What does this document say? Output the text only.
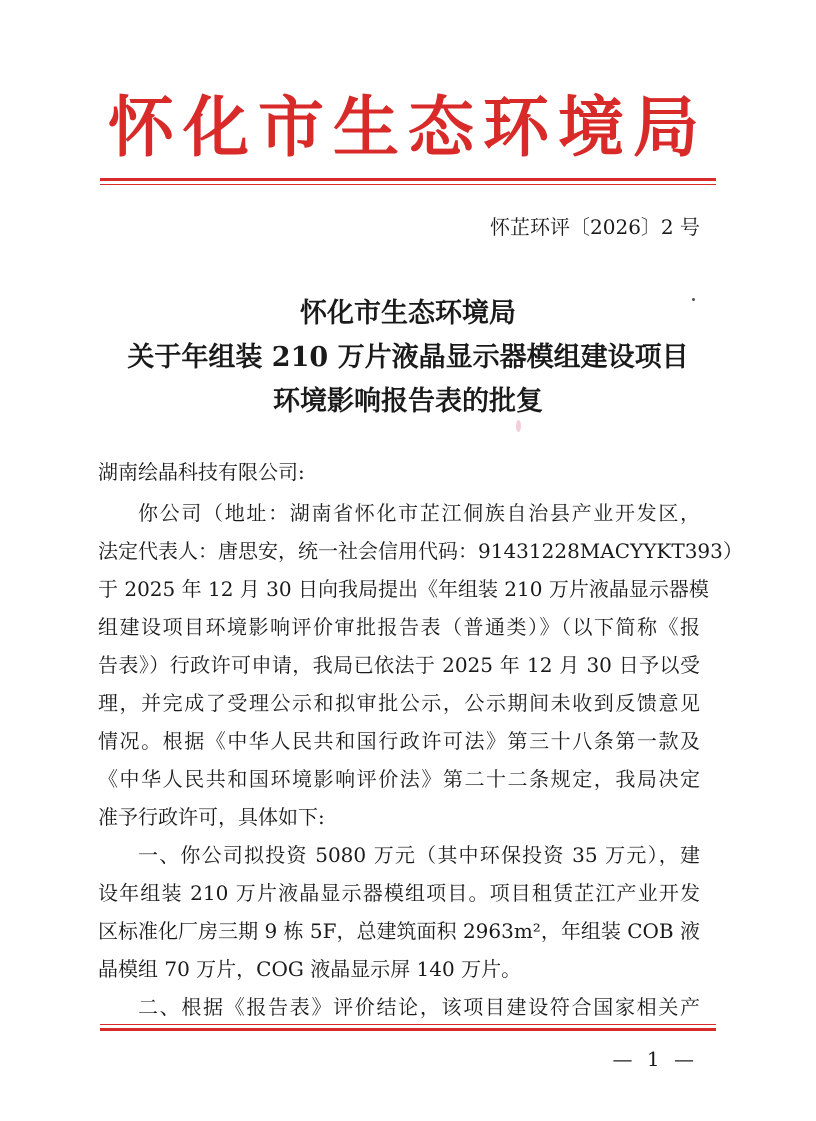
怀化市生态环境局
怀芷环评〔2026〕2 号
怀化市生态环境局
关于年组装 210 万片液晶显示器模组建设项目
环境影响报告表的批复
湖南绘晶科技有限公司:
你公司（地址：湖南省怀化市芷江侗族自治县产业开发区，
法定代表人：唐思安，统一社会信用代码：91431228MACYYKT393）
于 2025 年 12 月 30 日向我局提出《年组装 210 万片液晶显示器模
组建设项目环境影响评价审批报告表（普通类）》（以下简称《报
告表》）行政许可申请，我局已依法于 2025 年 12 月 30 日予以受
理，并完成了受理公示和拟审批公示，公示期间未收到反馈意见
情况。根据《中华人民共和国行政许可法》第三十八条第一款及
《中华人民共和国环境影响评价法》第二十二条规定，我局决定
准予行政许可，具体如下:
一、你公司拟投资 5080 万元（其中环保投资 35 万元），建
设年组装 210 万片液晶显示器模组项目。项目租赁芷江产业开发
区标准化厂房三期 9 栋 5F，总建筑面积 2963m²，年组装 COB 液
晶模组 70 万片，COG 液晶显示屏 140 万片。
二、根据《报告表》评价结论，该项目建设符合国家相关产
— 1 —
